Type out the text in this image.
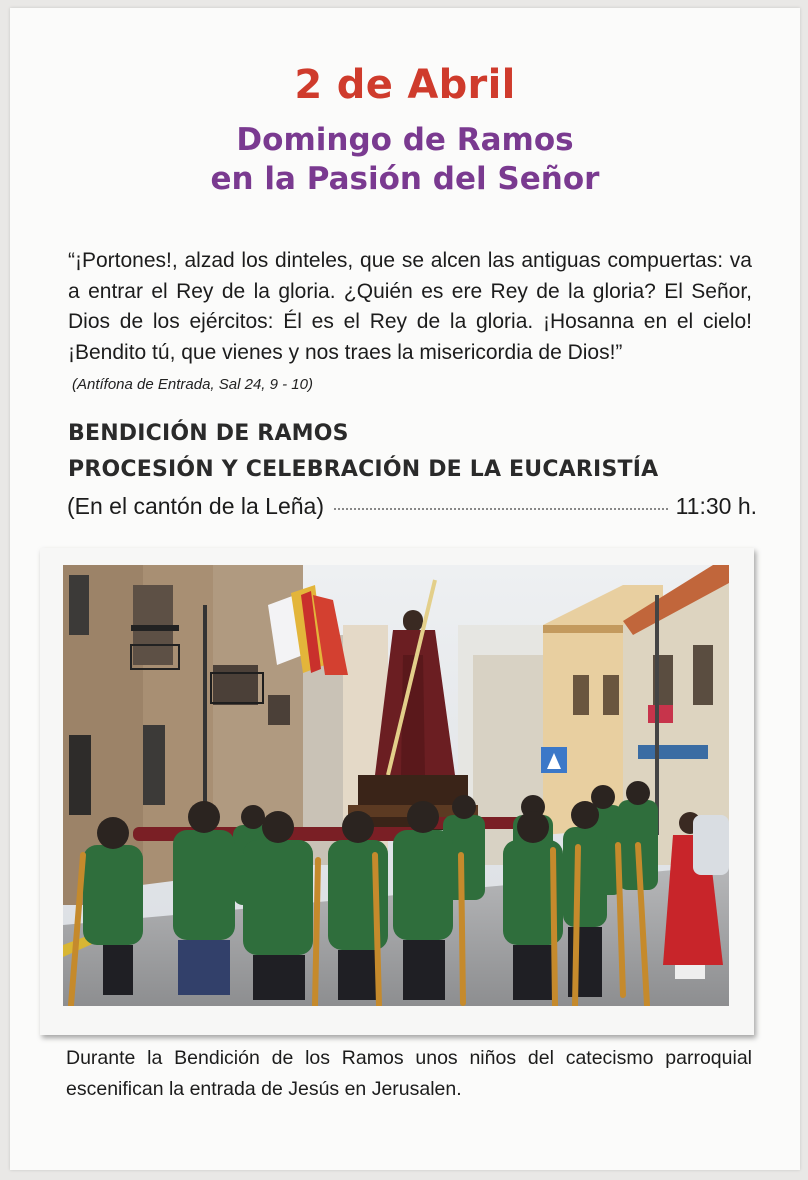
2 de Abril
Domingo de Ramos
en la Pasión del Señor
“¡Portones!, alzad los dinteles, que se alcen las antiguas compuertas: va a entrar el Rey de la gloria. ¿Quién es ere Rey de la gloria? El Señor, Dios de los ejércitos: Él es el Rey de la gloria. ¡Hosanna en el cielo! ¡Bendito tú, que vienes y nos traes la misericordia de Dios!”
(Antífona de Entrada, Sal 24, 9 - 10)
BENDICIÓN DE RAMOS
PROCESIÓN Y CELEBRACIÓN DE LA EUCARISTÍA
(En el cantón de la Leña)	11:30 h.
Durante la Bendición de los Ramos unos niños del catecismo parroquial escenifican la entrada de Jesús en Jerusalen.
